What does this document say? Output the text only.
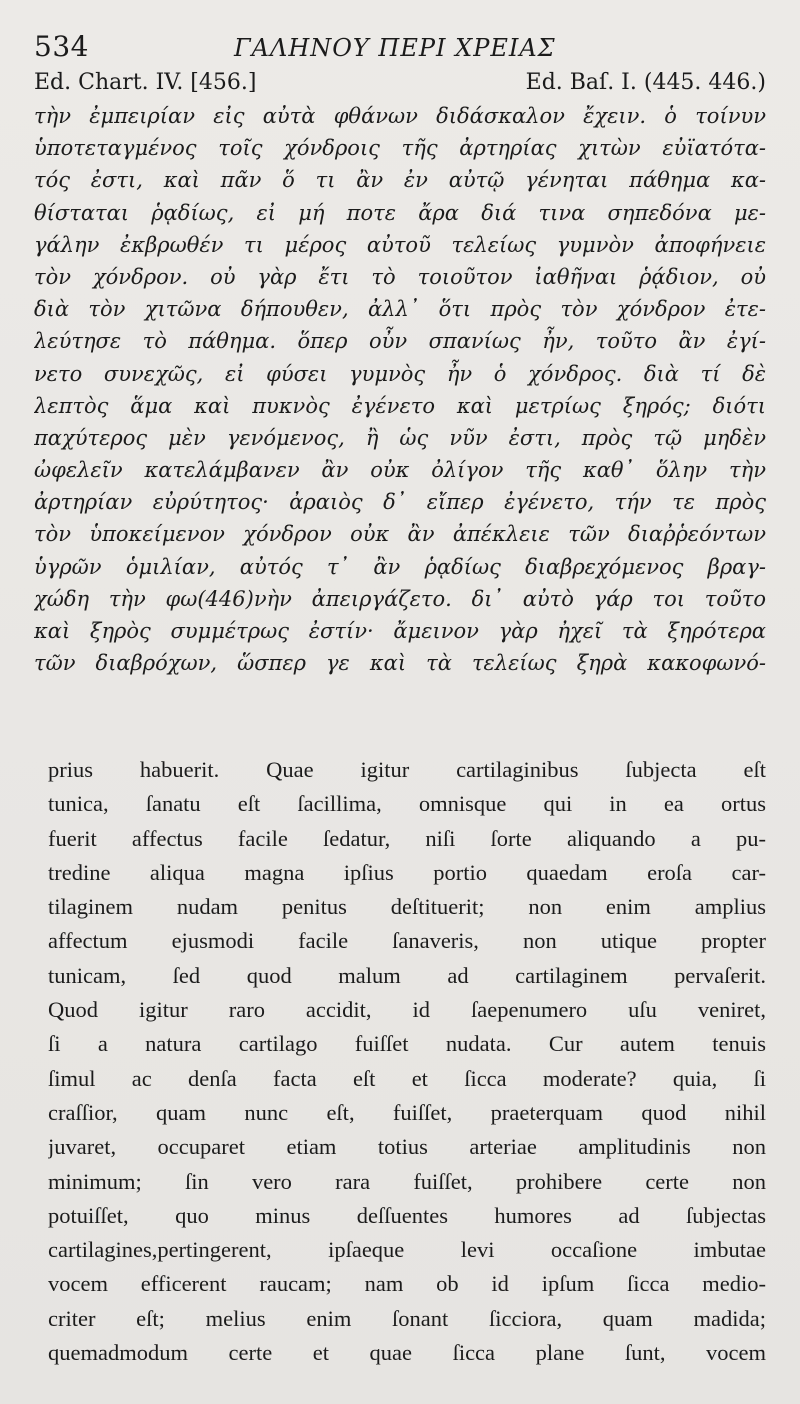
534	ΓΑΛΗΝΟΥ ΠΕΡΙ ΧΡΕΙΑΣ
Ed. Chart. IV. [456.]	Ed. Baſ. I. (445. 446.)
τὴν ἐμπειρίαν εἰς αὐτὰ φθάνων διδάσκαλον ἔχειν. ὁ τοίνυν
ὑποτεταγμένος τοῖς χόνδροις τῆς ἀρτηρίας χιτὼν εὐϊατότα-
τός ἐστι, καὶ πᾶν ὅ τι ἂν ἐν αὐτῷ γένηται πάθημα κα-
θίσταται ῥᾳδίως, εἰ μή ποτε ἄρα διά τινα σηπεδόνα με-
γάλην ἐκβρωθέν τι μέρος αὐτοῦ τελείως γυμνὸν ἀποφήνειε
τὸν χόνδρον. οὐ γὰρ ἔτι τὸ τοιοῦτον ἰαθῆναι ῥᾴδιον, οὐ
διὰ τὸν χιτῶνα δήπουθεν, ἀλλ᾽ ὅτι πρὸς τὸν χόνδρον ἐτε-
λεύτησε τὸ πάθημα. ὅπερ οὖν σπανίως ἦν, τοῦτο ἂν ἐγί-
νετο συνεχῶς, εἰ φύσει γυμνὸς ἦν ὁ χόνδρος. διὰ τί δὲ
λεπτὸς ἅμα καὶ πυκνὸς ἐγένετο καὶ μετρίως ξηρός; διότι
παχύτερος μὲν γενόμενος, ἢ ὡς νῦν ἐστι, πρὸς τῷ μηδὲν
ὠφελεῖν κατελάμβανεν ἂν οὐκ ὀλίγον τῆς καθ᾽ ὅλην τὴν
ἀρτηρίαν εὐρύτητος· ἀραιὸς δ᾽ εἴπερ ἐγένετο, τήν τε πρὸς
τὸν ὑποκείμενον χόνδρον οὐκ ἂν ἀπέκλειε τῶν διαῤῥεόντων
ὑγρῶν ὁμιλίαν, αὐτός τ᾽ ἂν ῥᾳδίως διαβρεχόμενος βραγ-
χώδη τὴν φω(446)νὴν ἀπειργάζετο. δι᾽ αὐτὸ γάρ τοι τοῦτο
καὶ ξηρὸς συμμέτρως ἐστίν· ἄμεινον γὰρ ἠχεῖ τὰ ξηρότερα
τῶν διαβρόχων, ὥσπερ γε καὶ τὰ τελείως ξηρὰ κακοφωνό-
prius habuerit. Quae igitur cartilaginibus ſubjecta eſt
tunica, ſanatu eſt ſacillima, omnisque qui in ea ortus
fuerit affectus facile ſedatur, niſi ſorte aliquando a pu-
tredine aliqua magna ipſius portio quaedam eroſa car-
tilaginem nudam penitus deſtituerit; non enim amplius
affectum ejusmodi facile ſanaveris, non utique propter
tunicam, ſed quod malum ad cartilaginem pervaſerit.
Quod igitur raro accidit, id ſaepenumero uſu veniret,
ſi a natura cartilago fuiſſet nudata. Cur autem tenuis
ſimul ac denſa facta eſt et ſicca moderate? quia, ſi
craſſior, quam nunc eſt, fuiſſet, praeterquam quod nihil
juvaret, occuparet etiam totius arteriae amplitudinis non
minimum; ſin vero rara fuiſſet, prohibere certe non
potuiſſet, quo minus deſſuentes humores ad ſubjectas
cartilagines,pertingerent, ipſaeque levi occaſione imbutae
vocem efficerent raucam; nam ob id ipſum ſicca medio-
criter eſt; melius enim ſonant ſicciora, quam madida;
quemadmodum certe et quae ſicca plane ſunt, vocem
